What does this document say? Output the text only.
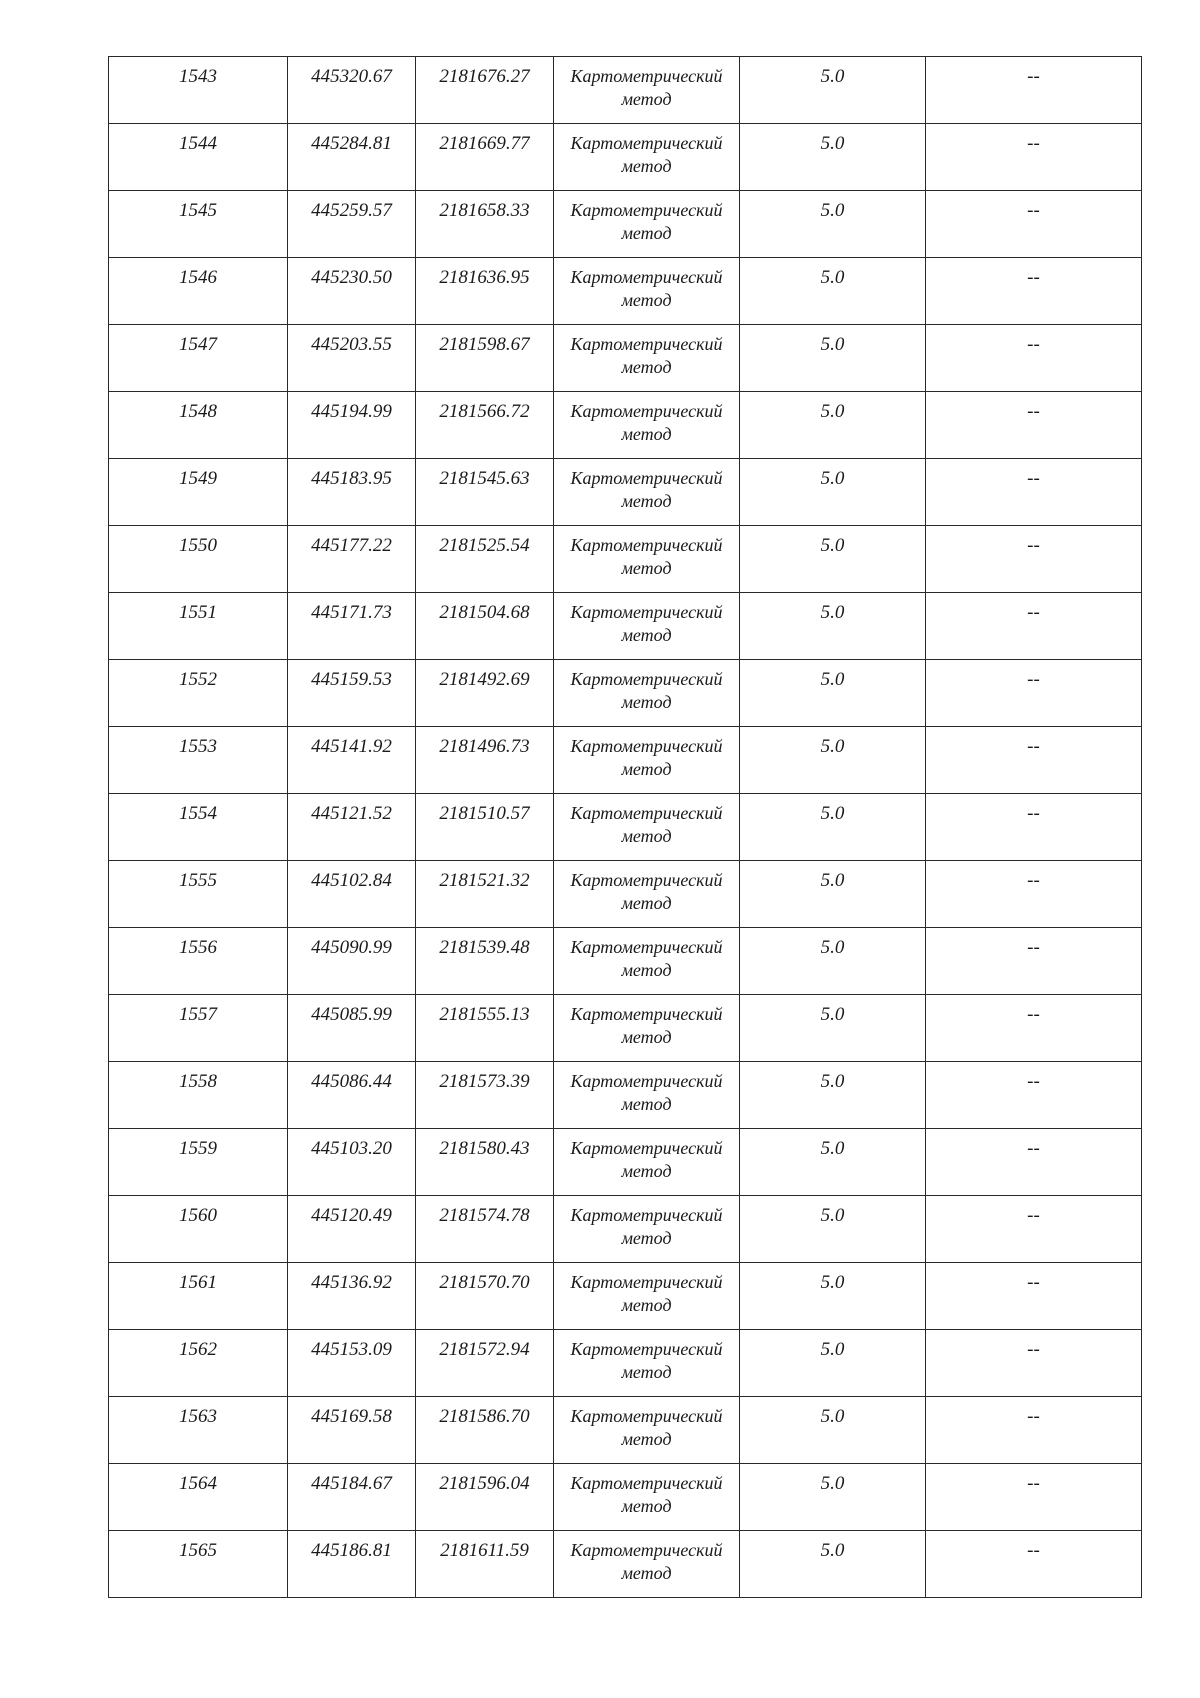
1543	445320.67	2181676.27	Картометрический
метод	5.0	--
1544	445284.81	2181669.77	Картометрический
метод	5.0	--
1545	445259.57	2181658.33	Картометрический
метод	5.0	--
1546	445230.50	2181636.95	Картометрический
метод	5.0	--
1547	445203.55	2181598.67	Картометрический
метод	5.0	--
1548	445194.99	2181566.72	Картометрический
метод	5.0	--
1549	445183.95	2181545.63	Картометрический
метод	5.0	--
1550	445177.22	2181525.54	Картометрический
метод	5.0	--
1551	445171.73	2181504.68	Картометрический
метод	5.0	--
1552	445159.53	2181492.69	Картометрический
метод	5.0	--
1553	445141.92	2181496.73	Картометрический
метод	5.0	--
1554	445121.52	2181510.57	Картометрический
метод	5.0	--
1555	445102.84	2181521.32	Картометрический
метод	5.0	--
1556	445090.99	2181539.48	Картометрический
метод	5.0	--
1557	445085.99	2181555.13	Картометрический
метод	5.0	--
1558	445086.44	2181573.39	Картометрический
метод	5.0	--
1559	445103.20	2181580.43	Картометрический
метод	5.0	--
1560	445120.49	2181574.78	Картометрический
метод	5.0	--
1561	445136.92	2181570.70	Картометрический
метод	5.0	--
1562	445153.09	2181572.94	Картометрический
метод	5.0	--
1563	445169.58	2181586.70	Картометрический
метод	5.0	--
1564	445184.67	2181596.04	Картометрический
метод	5.0	--
1565	445186.81	2181611.59	Картометрический
метод	5.0	--
